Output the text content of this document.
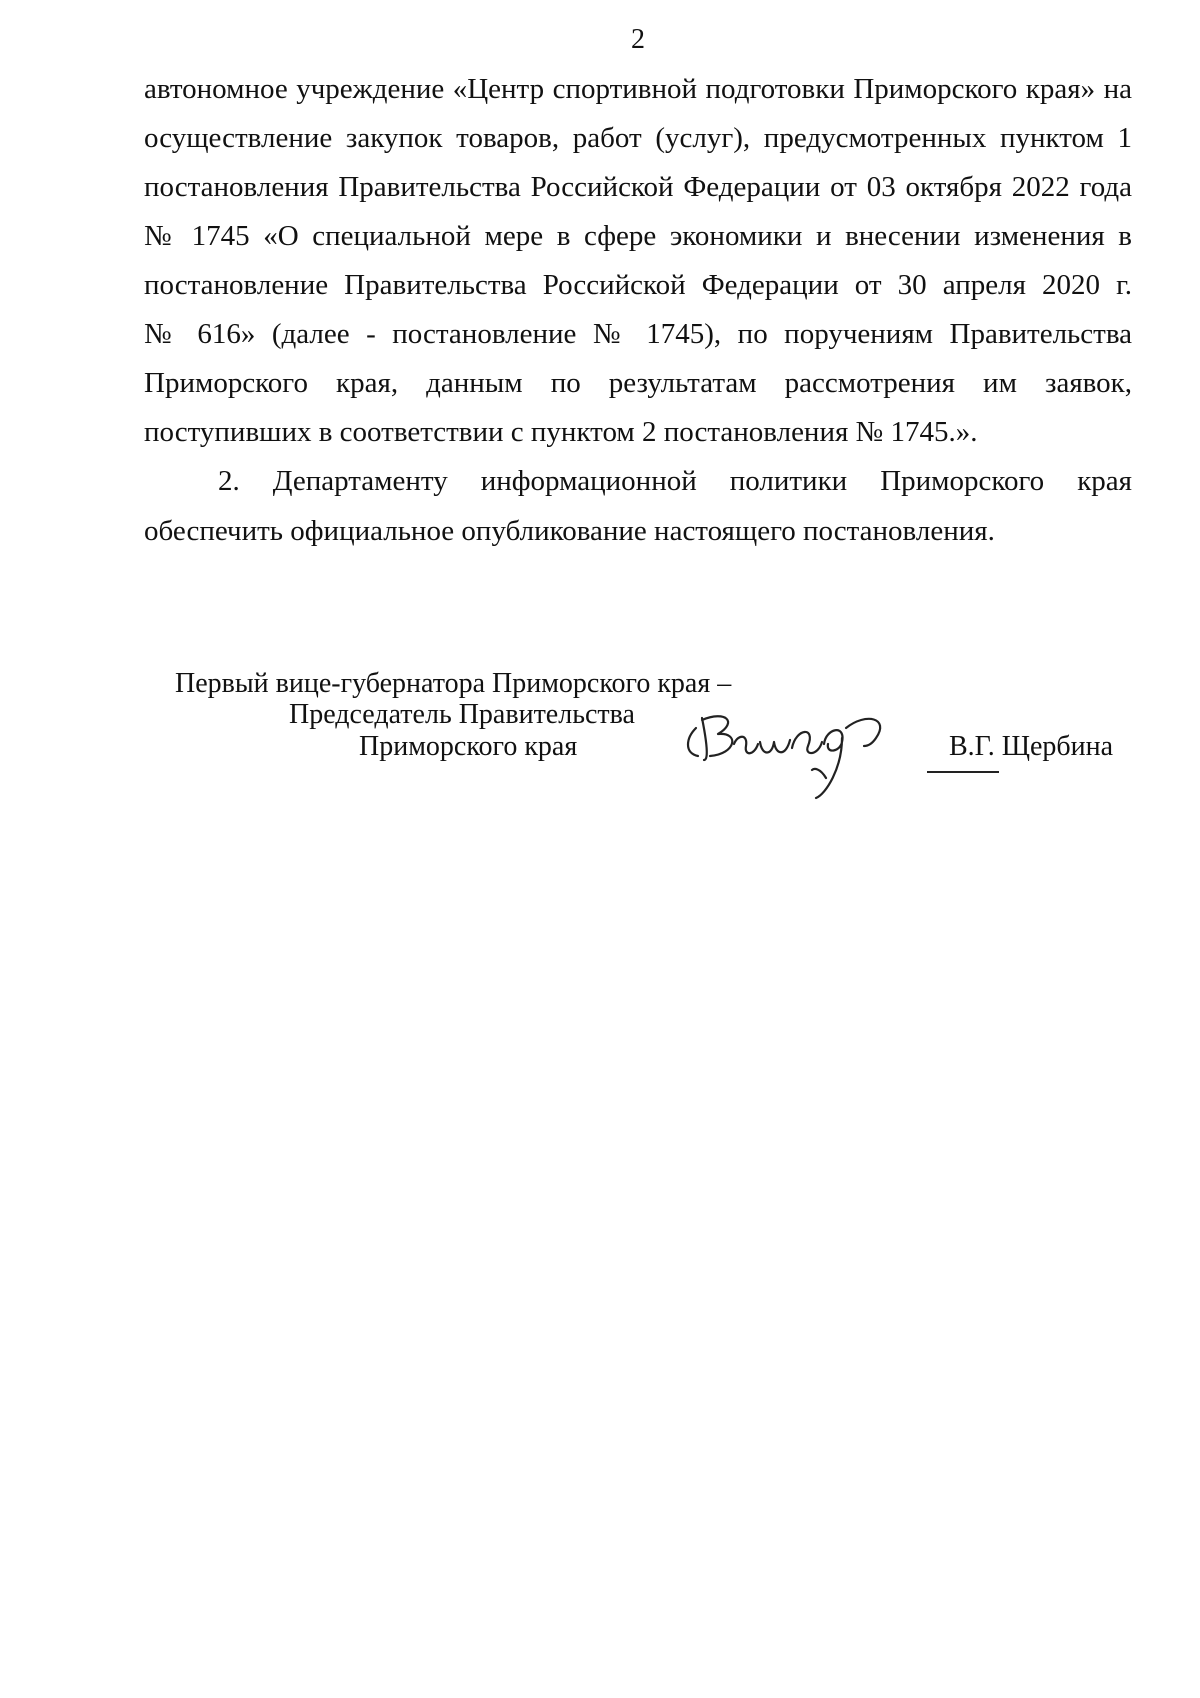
2
автономное учреждение «Центр спортивной подготовки Приморского края» на
осуществление закупок товаров, работ (услуг), предусмотренных пунктом 1
постановления Правительства Российской Федерации от 03 октября 2022 года
№ 1745 «О специальной мере в сфере экономики и внесении изменения в
постановление Правительства Российской Федерации от 30 апреля 2020 г.
№ 616» (далее - постановление № 1745), по поручениям Правительства
Приморского края, данным по результатам рассмотрения им заявок,
поступивших в соответствии с пунктом 2 постановления № 1745.».
2. Департаменту информационной политики Приморского края
обеспечить официальное опубликование настоящего постановления.
Первый вице-губернатора Приморского края –
Председатель Правительства
Приморского края	В.Г. Щербина
